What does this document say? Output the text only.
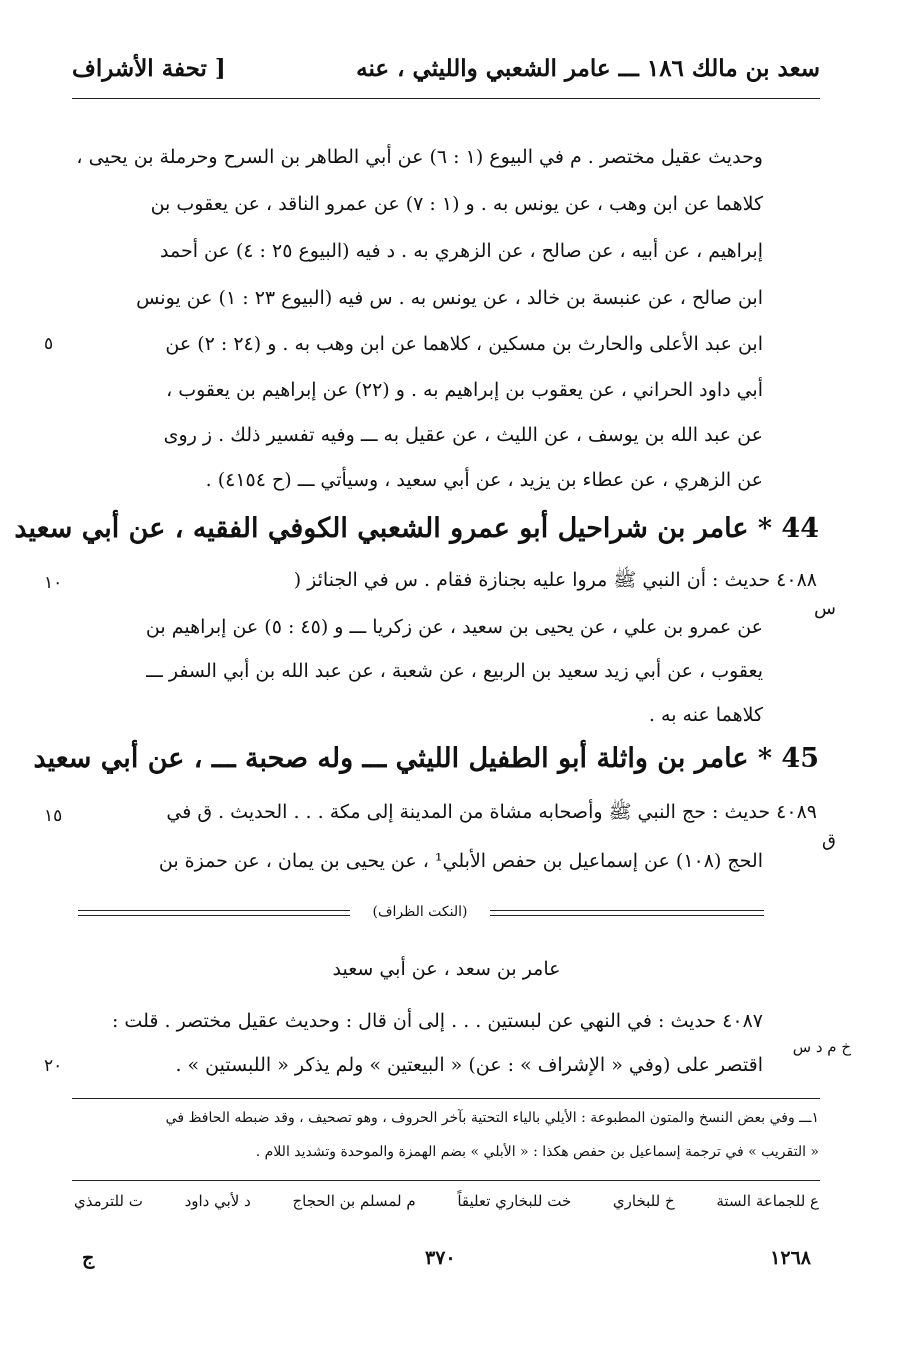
سعد بن مالك ١٨٦ ـــ عامر الشعبي والليثي ، عنه
[ تحفة الأشراف
وحديث عقيل مختصر . م في البيوع (١ : ٦) عن أبي الطاهر بن السرح وحرملة بن يحيى ،
كلاهما عن ابن وهب ، عن يونس به . و (١ : ٧) عن عمرو الناقد ، عن يعقوب بن
إبراهيم ، عن أبيه ، عن صالح ، عن الزهري به . د فيه (البيوع ٢٥ : ٤) عن أحمد
ابن صالح ، عن عنبسة بن خالد ، عن يونس به . س فيه (البيوع ٢٣ : ١) عن يونس
ابن عبد الأعلى والحارث بن مسكين ، كلاهما عن ابن وهب به . و (٢٤ : ٢) عن
أبي داود الحراني ، عن يعقوب بن إبراهيم به . و (٢٢) عن إبراهيم بن يعقوب ،
عن عبد الله بن يوسف ، عن الليث ، عن عقيل به ـــ وفيه تفسير ذلك . ز روى
عن الزهري ، عن عطاء بن يزيد ، عن أبي سعيد ، وسيأتي ـــ (ح ٤١٥٤) .
٥
44 * عامر بن شراحيل أبو عمرو الشعبي الكوفي الفقيه ، عن أبي سعيد
٤٠٨٨ حديث : أن النبي ﷺ مروا عليه بجنازة فقام . س في الجنائز (
س
١٠
عن عمرو بن علي ، عن يحيى بن سعيد ، عن زكريا ـــ و (٤٥ : ٥) عن إبراهيم بن
يعقوب ، عن أبي زيد سعيد بن الربيع ، عن شعبة ، عن عبد الله بن أبي السفر ـــ
كلاهما عنه به .
45 * عامر بن واثلة أبو الطفيل الليثي ـــ وله صحبة ـــ ، عن أبي سعيد
٤٠٨٩ حديث : حج النبي ﷺ وأصحابه مشاة من المدينة إلى مكة . . . الحديث . ق في
١٥
ق
الحج (١٠٨) عن إسماعيل بن حفص الأبلي¹ ، عن يحيى بن يمان ، عن حمزة بن
(النكت الظراف)
عامر بن سعد ، عن أبي سعيد
٤٠٨٧ حديث : في النهي عن لبستين . . . إلى أن قال : وحديث عقيل مختصر . قلت :
خ م د س
اقتصر على (وفي « الإشراف » : عن) « البيعتين » ولم يذكر « اللبستين » .
٢٠
١ـــ وفي بعض النسخ والمتون المطبوعة : الأيلي بالياء التحتية بآخر الحروف ، وهو تصحيف ، وقد ضبطه الحافظ في
« التقريب » في ترجمة إسماعيل بن حفص هكذا : « الأبلي » بضم الهمزة والموحدة وتشديد اللام .
ع للجماعة الستة
خ للبخاري
خت للبخاري تعليقاً
م لمسلم بن الحجاج
د لأبي داود
ت للترمذي
١٢٦٨
٣٧٠
ج
